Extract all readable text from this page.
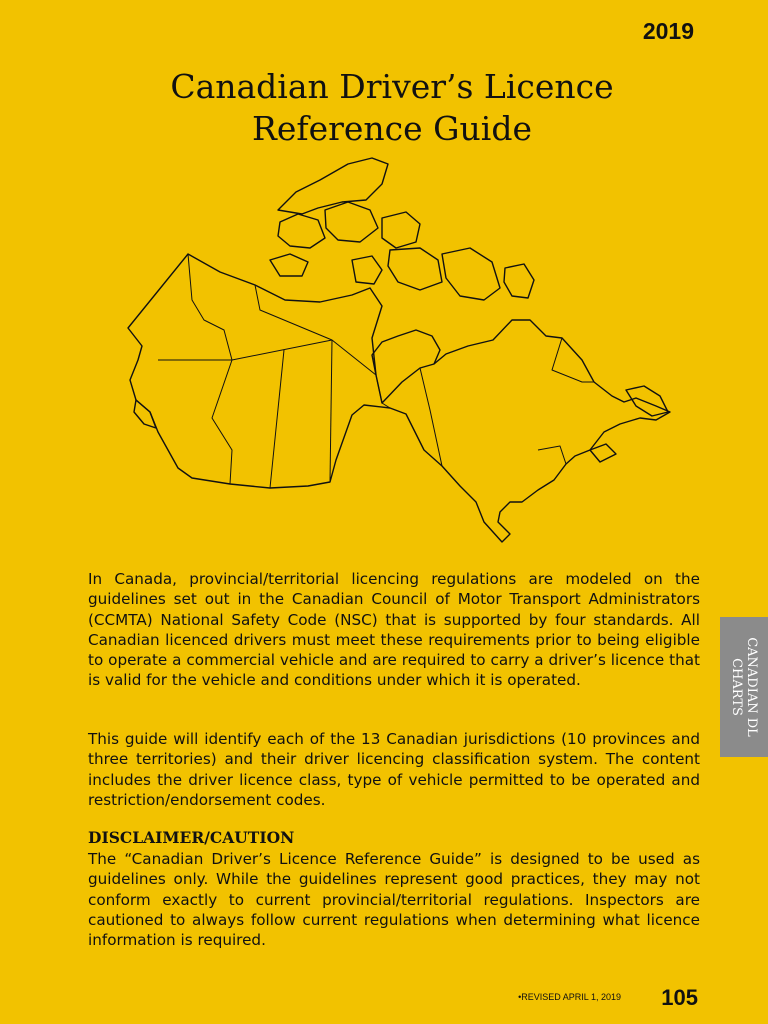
2019
Canadian Driver’s Licence
Reference Guide

In Canada, provincial/territorial licencing regulations are modeled on the guidelines set out in the Canadian Council of Motor Transport Administrators (CCMTA) National Safety Code (NSC) that is supported by four standards. All Canadian licenced drivers must meet these requirements prior to being eligible to operate a commercial vehicle and are required to carry a driver’s licence that is valid for the vehicle and conditions under which it is operated.

This guide will identify each of the 13 Canadian jurisdictions (10 provinces and three territories) and their driver licencing classification system. The content includes the driver licence class, type of vehicle permitted to be operated and restriction/endorsement codes.

DISCLAIMER/CAUTION

The “Canadian Driver’s Licence Reference Guide” is designed to be used as guidelines only. While the guidelines represent good practices, they may not conform exactly to current provincial/territorial regulations. Inspectors are cautioned to always follow current regulations when determining what licence information is required.

CANADIAN DL
CHARTS
•REVISED APRIL 1, 2019 105
